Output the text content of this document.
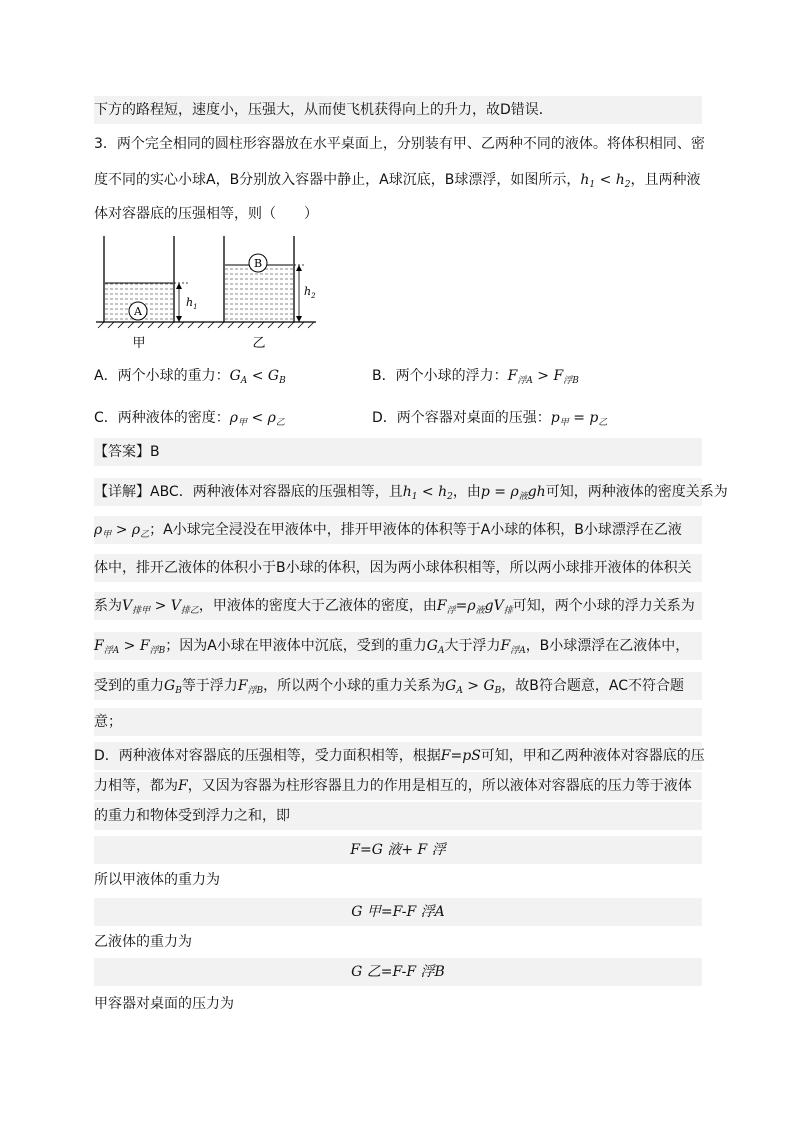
下方的路程短，速度小，压强大，从而使飞机获得向上的升力，故D错误．
3．两个完全相同的圆柱形容器放在水平桌面上，分别装有甲、乙两种不同的液体。将体积相同、密
度不同的实心小球A，B分别放入容器中静止，A球沉底，B球漂浮，如图所示，$h_1 < h_2$，且两种液
体对容器底的压强相等，则（　　）
A
$h_1$
B
$h_2$
甲	乙
A．两个小球的重力：$G_A < G_B$	B．两个小球的浮力：$F_{浮A} > F_{浮B}$
C．两种液体的密度：$\rho_甲 < \rho_乙$	D．两个容器对桌面的压强：$p_甲 = p_乙$
【答案】B
【详解】ABC．两种液体对容器底的压强相等，且$h_1 < h_2$，由$p = \rho_液gh$可知，两种液体的密度关系为
$\rho_甲 > \rho_乙$；A小球完全浸没在甲液体中，排开甲液体的体积等于A小球的体积，B小球漂浮在乙液
体中，排开乙液体的体积小于B小球的体积，因为两小球体积相等，所以两小球排开液体的体积关
系为$V_{排甲} > V_{排乙}$，甲液体的密度大于乙液体的密度，由$F_浮=\rho_液gV_排$可知，两个小球的浮力关系为
$F_{浮A} > F_{浮B}$；因为A小球在甲液体中沉底，受到的重力$G_A$大于浮力$F_{浮A}$，B小球漂浮在乙液体中，
受到的重力$G_B$等于浮力$F_{浮B}$，所以两个小球的重力关系为$G_A > G_B$，故B符合题意，AC不符合题
意；
D．两种液体对容器底的压强相等，受力面积相等，根据F=pS可知，甲和乙两种液体对容器底的压
力相等，都为F，又因为容器为柱形容器且力的作用是相互的，所以液体对容器底的压力等于液体
的重力和物体受到浮力之和，即
F=G 液+ F 浮
所以甲液体的重力为
G 甲=F-F 浮A
乙液体的重力为
G 乙=F-F 浮B
甲容器对桌面的压力为
